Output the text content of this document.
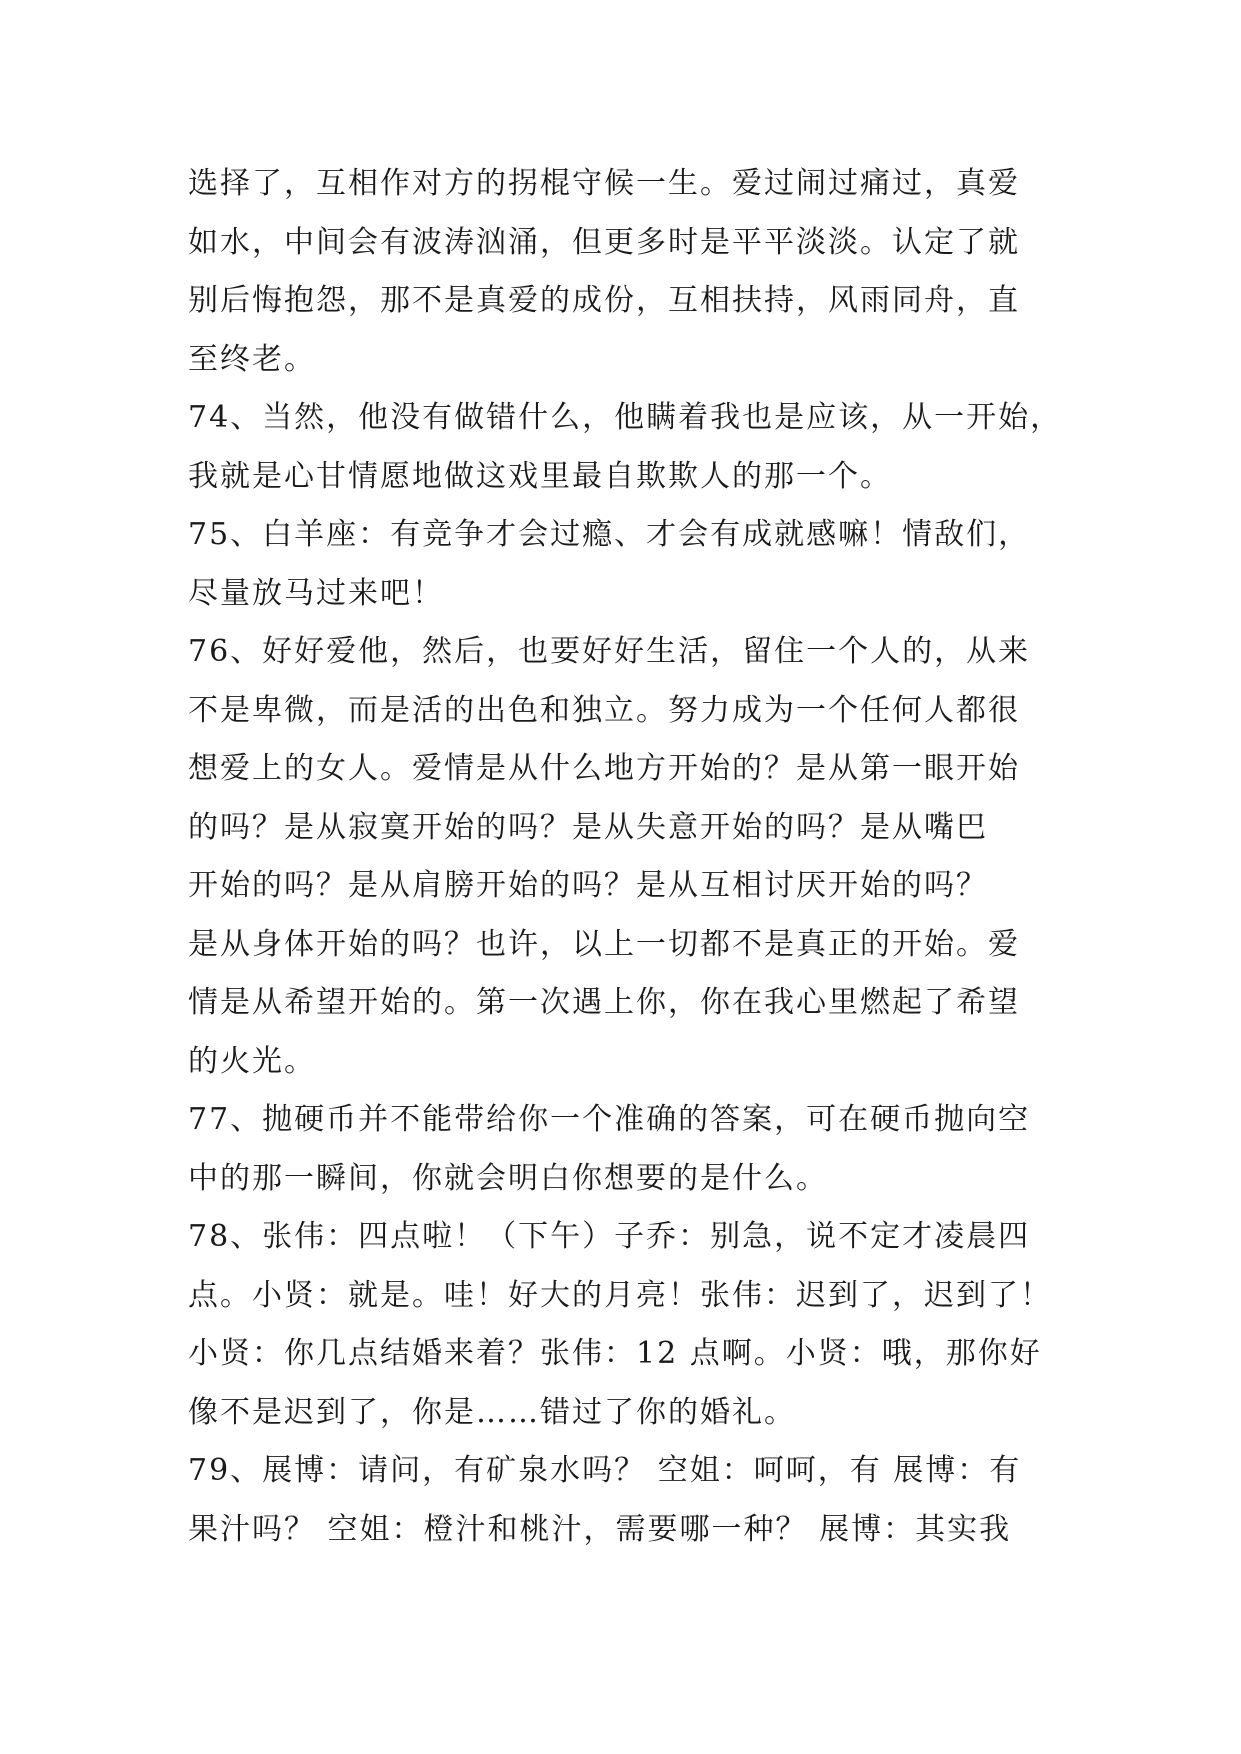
选择了，互相作对方的拐棍守候一生。爱过闹过痛过，真爱
如水，中间会有波涛汹涌，但更多时是平平淡淡。认定了就
别后悔抱怨，那不是真爱的成份，互相扶持，风雨同舟，直
至终老。
74、当然，他没有做错什么，他瞒着我也是应该，从一开始，
我就是心甘情愿地做这戏里最自欺欺人的那一个。
75、白羊座：有竞争才会过瘾、才会有成就感嘛！情敌们，
尽量放马过来吧！
76、好好爱他，然后，也要好好生活，留住一个人的，从来
不是卑微，而是活的出色和独立。努力成为一个任何人都很
想爱上的女人。爱情是从什么地方开始的？是从第一眼开始
的吗？是从寂寞开始的吗？是从失意开始的吗？是从嘴巴
开始的吗？是从肩膀开始的吗？是从互相讨厌开始的吗？
是从身体开始的吗？也许，以上一切都不是真正的开始。爱
情是从希望开始的。第一次遇上你，你在我心里燃起了希望
的火光。
77、抛硬币并不能带给你一个准确的答案，可在硬币抛向空
中的那一瞬间，你就会明白你想要的是什么。
78、张伟：四点啦！（下午）子乔：别急，说不定才凌晨四
点。小贤：就是。哇！好大的月亮！张伟：迟到了，迟到了！
小贤：你几点结婚来着？张伟：12 点啊。小贤：哦，那你好
像不是迟到了，你是……错过了你的婚礼。
79、展博：请问，有矿泉水吗？ 空姐：呵呵，有 展博：有
果汁吗？ 空姐：橙汁和桃汁，需要哪一种？ 展博：其实我
